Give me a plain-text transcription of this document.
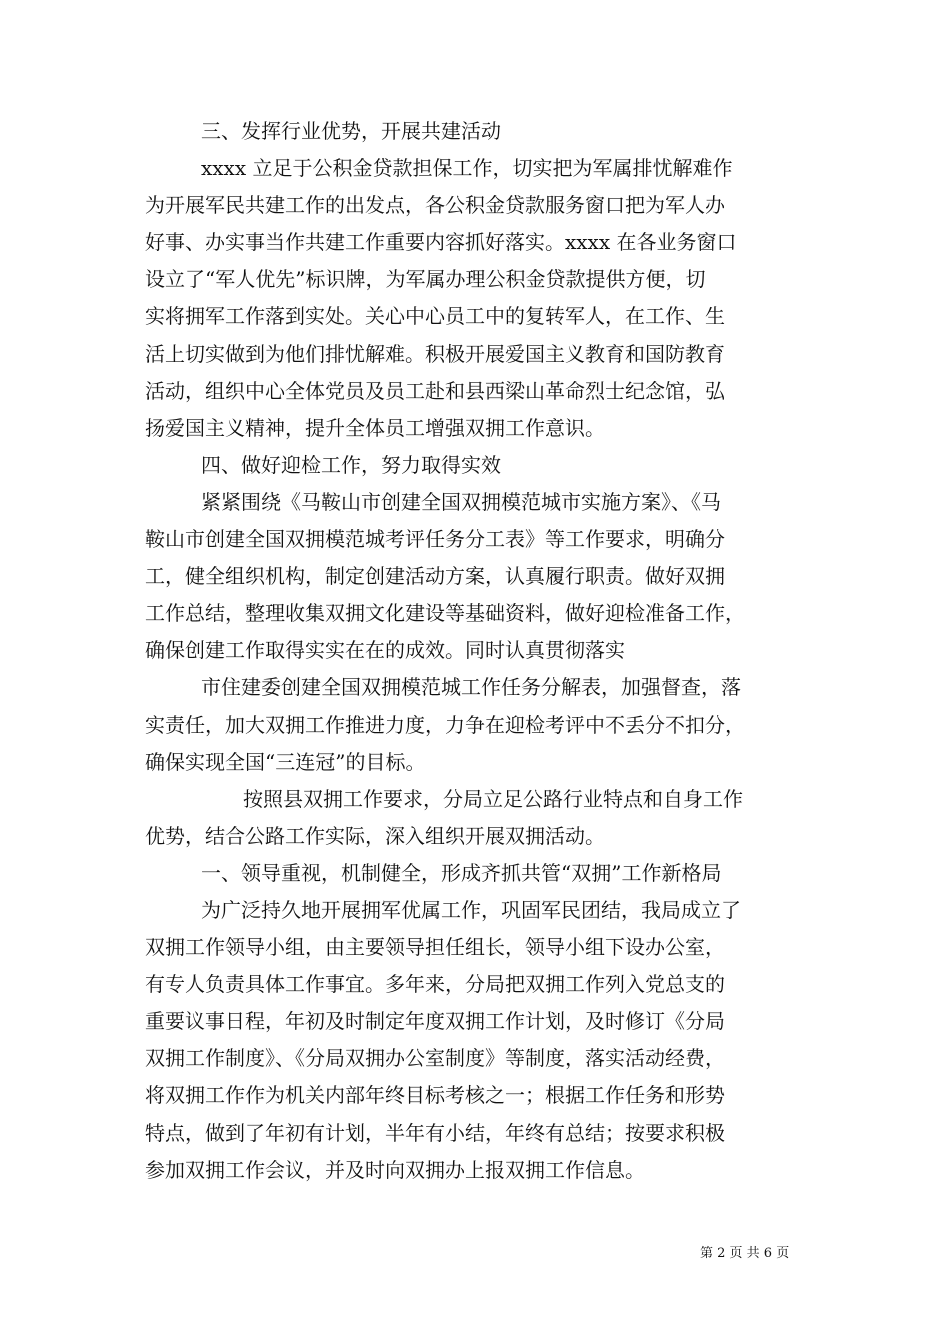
三、发挥行业优势，开展共建活动
xxxx 立足于公积金贷款担保工作，切实把为军属排忧解难作
为开展军民共建工作的出发点，各公积金贷款服务窗口把为军人办
好事、办实事当作共建工作重要内容抓好落实。xxxx 在各业务窗口
设立了“军人优先”标识牌，为军属办理公积金贷款提供方便，切
实将拥军工作落到实处。关心中心员工中的复转军人，在工作、生
活上切实做到为他们排忧解难。积极开展爱国主义教育和国防教育
活动，组织中心全体党员及员工赴和县西梁山革命烈士纪念馆，弘
扬爱国主义精神，提升全体员工增强双拥工作意识。
四、做好迎检工作，努力取得实效
紧紧围绕《马鞍山市创建全国双拥模范城市实施方案》、《马
鞍山市创建全国双拥模范城考评任务分工表》等工作要求，明确分
工，健全组织机构，制定创建活动方案，认真履行职责。做好双拥
工作总结，整理收集双拥文化建设等基础资料，做好迎检准备工作，
确保创建工作取得实实在在的成效。同时认真贯彻落实
市住建委创建全国双拥模范城工作任务分解表，加强督查，落
实责任，加大双拥工作推进力度，力争在迎检考评中不丢分不扣分，
确保实现全国“三连冠”的目标。
按照县双拥工作要求，分局立足公路行业特点和自身工作
优势，结合公路工作实际，深入组织开展双拥活动。
一、领导重视，机制健全，形成齐抓共管“双拥”工作新格局
为广泛持久地开展拥军优属工作，巩固军民团结，我局成立了
双拥工作领导小组，由主要领导担任组长，领导小组下设办公室，
有专人负责具体工作事宜。多年来，分局把双拥工作列入党总支的
重要议事日程，年初及时制定年度双拥工作计划，及时修订《分局
双拥工作制度》、《分局双拥办公室制度》等制度，落实活动经费，
将双拥工作作为机关内部年终目标考核之一；根据工作任务和形势
特点，做到了年初有计划，半年有小结，年终有总结；按要求积极
参加双拥工作会议，并及时向双拥办上报双拥工作信息。
第 2 页 共 6 页
